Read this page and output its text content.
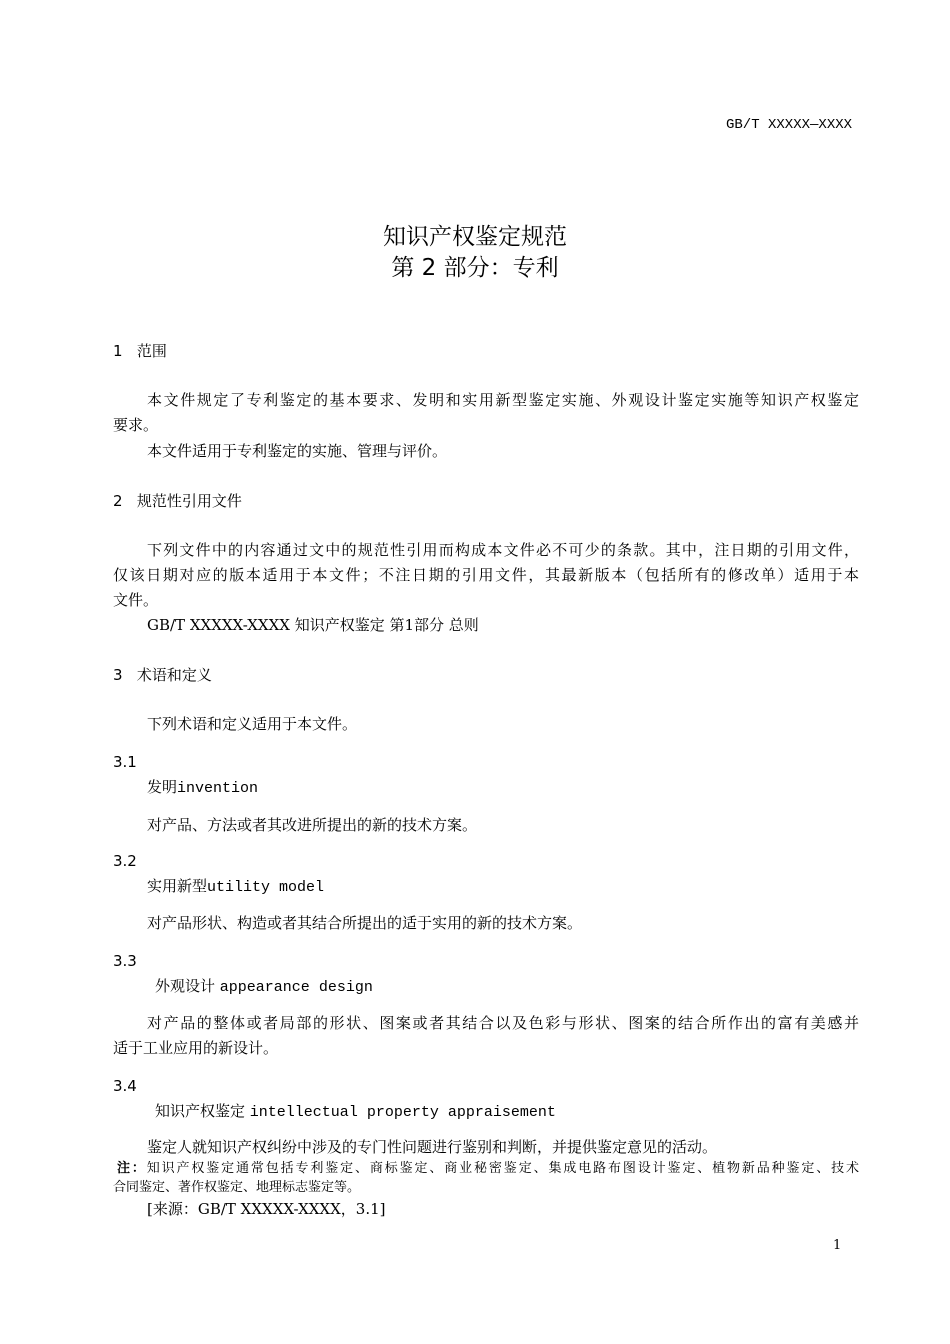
GB/T XXXXX—XXXX
知识产权鉴定规范
第 2 部分：专利
1 范围
本文件规定了专利鉴定的基本要求、发明和实用新型鉴定实施、外观设计鉴定实施等知识产权鉴定
要求。
本文件适用于专利鉴定的实施、管理与评价。
2 规范性引用文件
下列文件中的内容通过文中的规范性引用而构成本文件必不可少的条款。其中，注日期的引用文件，
仅该日期对应的版本适用于本文件；不注日期的引用文件，其最新版本（包括所有的修改单）适用于本
文件。
GB/T XXXXX-XXXX 知识产权鉴定 第1部分 总则
3 术语和定义
下列术语和定义适用于本文件。
3.1
发明invention
对产品、方法或者其改进所提出的新的技术方案。
3.2
实用新型utility model
对产品形状、构造或者其结合所提出的适于实用的新的技术方案。
3.3
外观设计 appearance design
对产品的整体或者局部的形状、图案或者其结合以及色彩与形状、图案的结合所作出的富有美感并
适于工业应用的新设计。
3.4
知识产权鉴定 intellectual property appraisement
鉴定人就知识产权纠纷中涉及的专门性问题进行鉴别和判断，并提供鉴定意见的活动。
注：知识产权鉴定通常包括专利鉴定、商标鉴定、商业秘密鉴定、集成电路布图设计鉴定、植物新品种鉴定、技术
合同鉴定、著作权鉴定、地理标志鉴定等。
[来源：GB/T XXXXX-XXXX，3.1]
1
